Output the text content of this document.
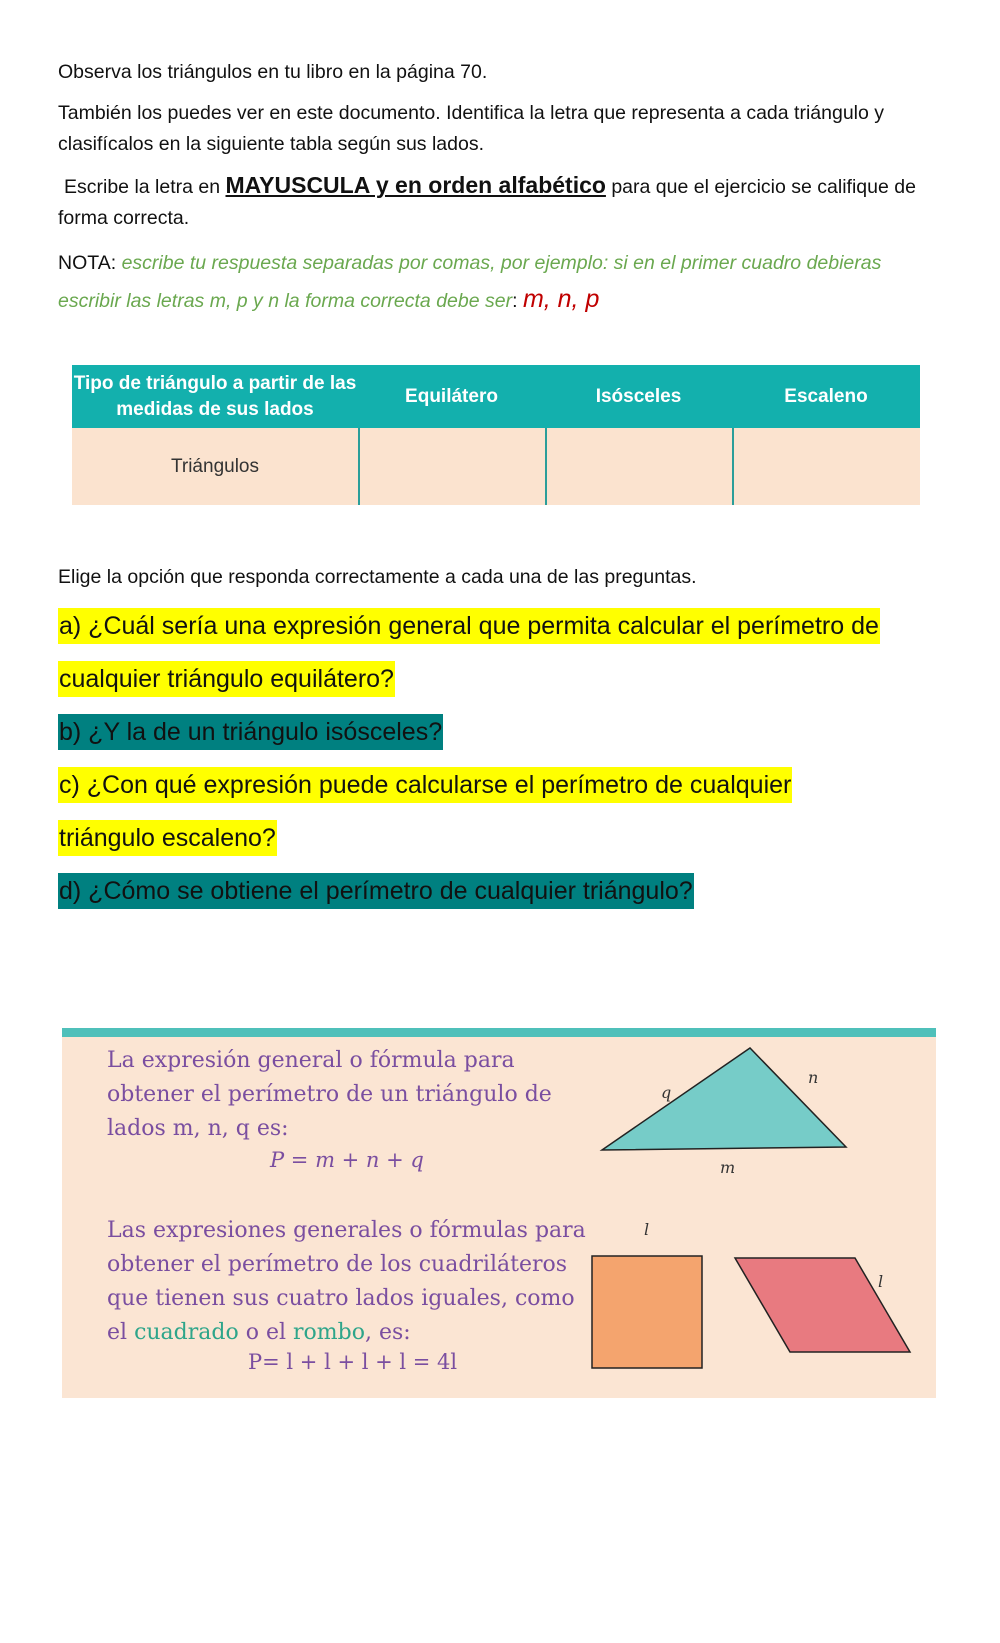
Observa los triángulos en tu libro en la página 70.

También los puedes ver en este documento. Identifica la letra que representa a cada triángulo y clasifícalos en la siguiente tabla según sus lados.

Escribe la letra en MAYUSCULA y en orden alfabético para que el ejercicio se califique de forma correcta.

NOTA: escribe tu respuesta separadas por comas, por ejemplo: si en el primer cuadro debieras escribir las letras m, p y n la forma correcta debe ser: m, n, p

Tipo de triángulo a partir de las medidas de sus lados
Equilátero	Isósceles	Escaleno
Triángulos

Elige la opción que responda correctamente a cada una de las preguntas.

a) ¿Cuál sería una expresión general que permita calcular el perímetro de
cualquier triángulo equilátero?
b) ¿Y la de un triángulo isósceles?
c) ¿Con qué expresión puede calcularse el perímetro de cualquier
triángulo escaleno?
d) ¿Cómo se obtiene el perímetro de cualquier triángulo?
La expresión general o fórmula para
obtener el perímetro de un triángulo de
lados m, n, q es:
P = m + n + q
Las expresiones generales o fórmulas para
obtener el perímetro de los cuadriláteros
que tienen sus cuatro lados iguales, como
el cuadrado o el rombo, es:
P= l + l + l + l = 4l
q
n
m
l
l
